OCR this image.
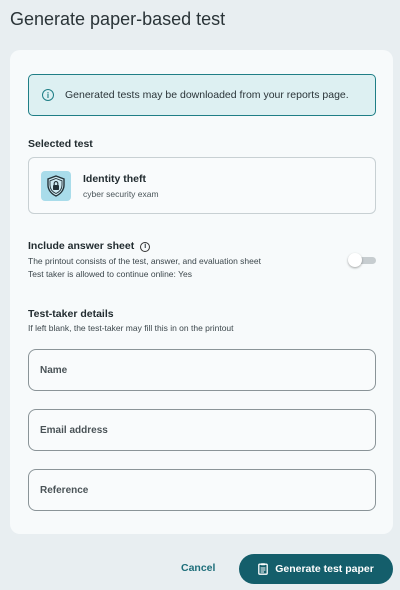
Generate paper-based test
i	Generated tests may be downloaded from your reports page.
Selected test
Identity theft
cyber security exam
Include answer sheet i
The printout consists of the test, answer, and evaluation sheet
Test taker is allowed to continue online: Yes
Test-taker details
If left blank, the test-taker may fill this in on the printout
Name
Email address
Reference
Cancel	Generate test paper
